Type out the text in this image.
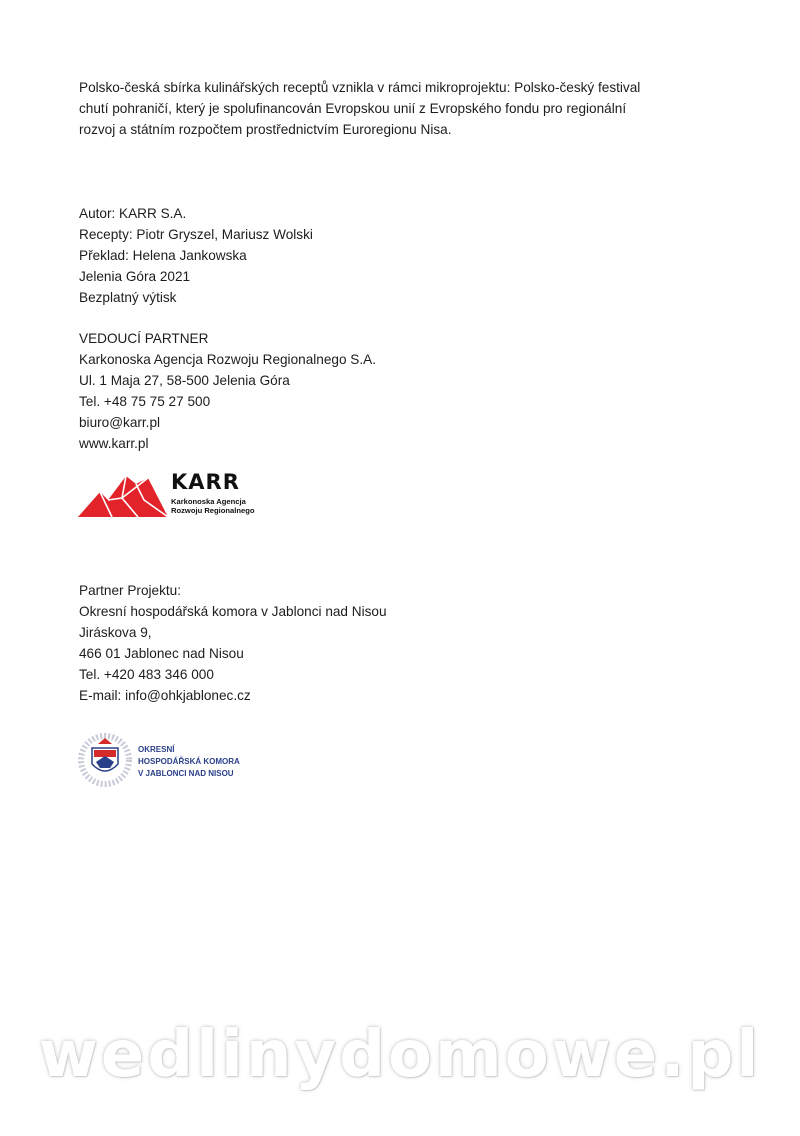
Polsko-česká sbírka kulinářských receptů vznikla v rámci mikroprojektu: Polsko-český festival
chutí pohraničí, který je spolufinancován Evropskou unií z Evropského fondu pro regionální
rozvoj a státním rozpočtem prostřednictvím Euroregionu Nisa.
Autor: KARR S.A.
Recepty: Piotr Gryszel, Mariusz Wolski
Překlad: Helena Jankowska
Jelenia Góra 2021
Bezplatný výtisk
VEDOUCÍ PARTNER
Karkonoska Agencja Rozwoju Regionalnego S.A.
Ul. 1 Maja 27, 58-500 Jelenia Góra
Tel. +48 75 75 27 500
biuro@karr.pl
www.karr.pl
KARR
Karkonoska Agencja
Rozwoju Regionalnego
Partner Projektu:
Okresní hospodářská komora v Jablonci nad Nisou
Jiráskova 9,
466 01 Jablonec nad Nisou
Tel. +420 483 346 000
E-mail: info@ohkjablonec.cz
OKRESNÍ
HOSPODÁŘSKÁ KOMORA
V JABLONCI NAD NISOU
wedlinydomowe.pl
